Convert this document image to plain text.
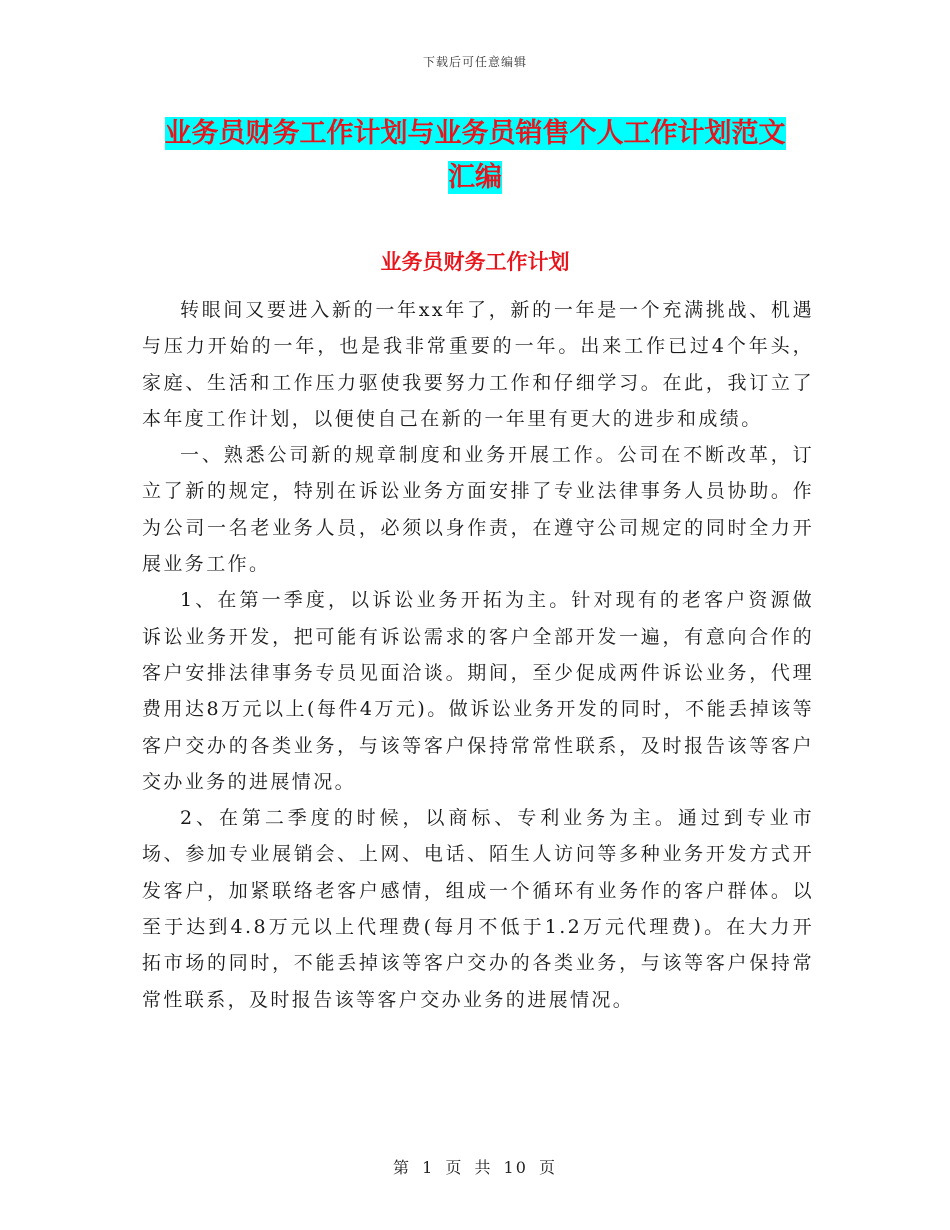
下载后可任意编辑
业务员财务工作计划与业务员销售个人工作计划范文
汇编
业务员财务工作计划

转眼间又要进入新的一年xx年了，新的一年是一个充满挑战、机遇与压力开始的一年，也是我非常重要的一年。出来工作已过4个年头，家庭、生活和工作压力驱使我要努力工作和仔细学习。在此，我订立了本年度工作计划，以便使自己在新的一年里有更大的进步和成绩。

一、熟悉公司新的规章制度和业务开展工作。公司在不断改革，订立了新的规定，特别在诉讼业务方面安排了专业法律事务人员协助。作为公司一名老业务人员，必须以身作责，在遵守公司规定的同时全力开展业务工作。

1、在第一季度，以诉讼业务开拓为主。针对现有的老客户资源做诉讼业务开发，把可能有诉讼需求的客户全部开发一遍，有意向合作的客户安排法律事务专员见面洽谈。期间，至少促成两件诉讼业务，代理费用达8万元以上(每件4万元)。做诉讼业务开发的同时，不能丢掉该等客户交办的各类业务，与该等客户保持常常性联系，及时报告该等客户交办业务的进展情况。

2、在第二季度的时候，以商标、专利业务为主。通过到专业市场、参加专业展销会、上网、电话、陌生人访问等多种业务开发方式开发客户，加紧联络老客户感情，组成一个循环有业务作的客户群体。以至于达到4.8万元以上代理费(每月不低于1.2万元代理费)。在大力开拓市场的同时，不能丢掉该等客户交办的各类业务，与该等客户保持常常性联系，及时报告该等客户交办业务的进展情况。

第 1 页 共 10 页
